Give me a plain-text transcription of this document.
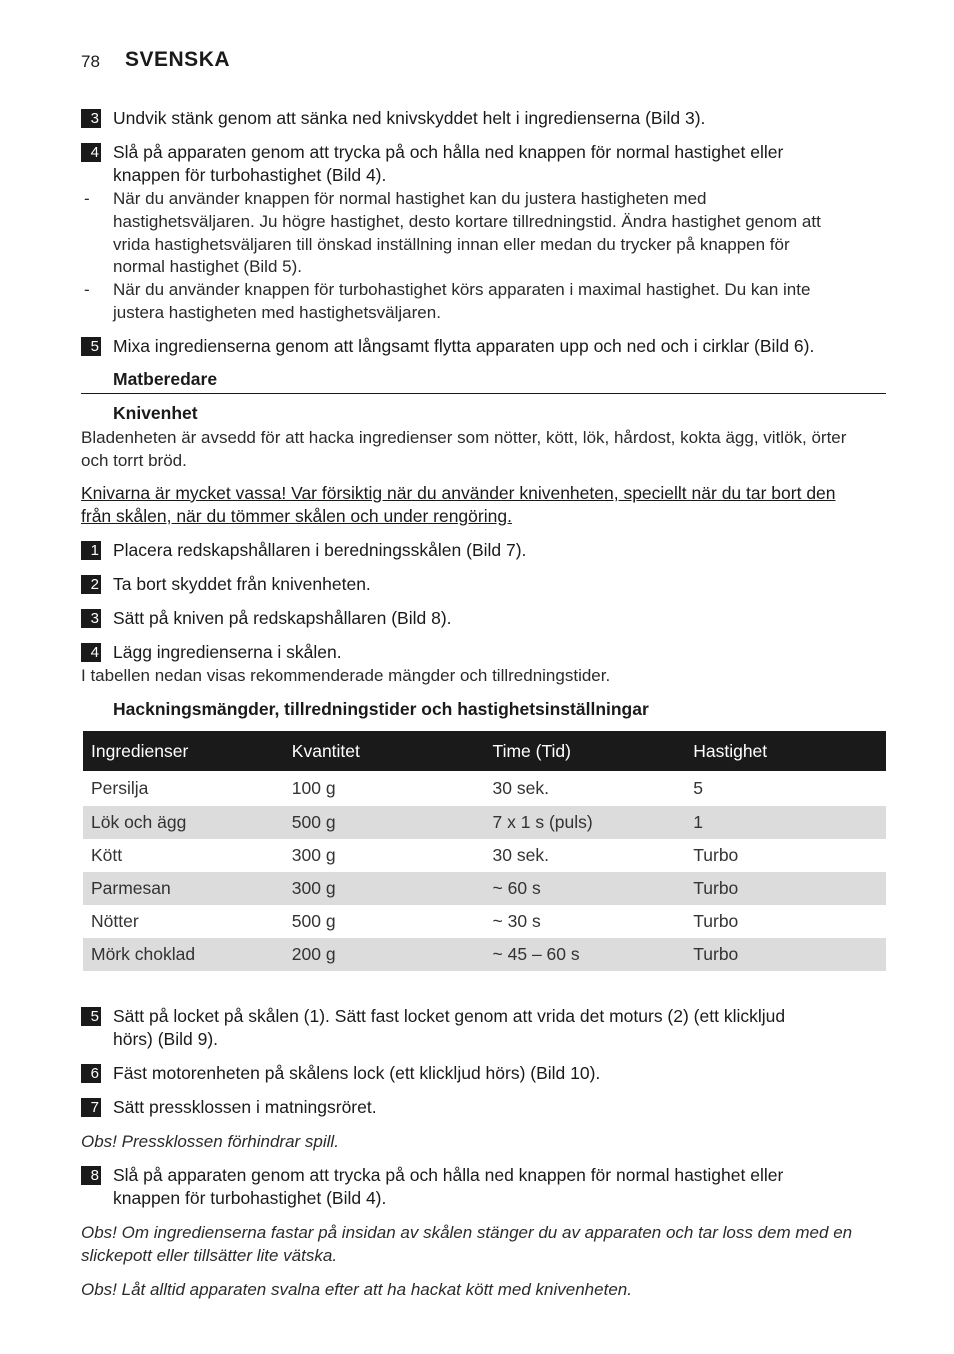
78 SVENSKA
3 Undvik stänk genom att sänka ned knivskyddet helt i ingredienserna (Bild 3).
4 Slå på apparaten genom att trycka på och hålla ned knappen för normal hastighet eller
knappen för turbohastighet (Bild 4).
- När du använder knappen för normal hastighet kan du justera hastigheten med
hastighetsväljaren. Ju högre hastighet, desto kortare tillredningstid. Ändra hastighet genom att
vrida hastighetsväljaren till önskad inställning innan eller medan du trycker på knappen för
normal hastighet (Bild 5).
- När du använder knappen för turbohastighet körs apparaten i maximal hastighet. Du kan inte
justera hastigheten med hastighetsväljaren.
5 Mixa ingredienserna genom att långsamt flytta apparaten upp och ned och i cirklar (Bild 6).
Matberedare
Knivenhet
Bladenheten är avsedd för att hacka ingredienser som nötter, kött, lök, hårdost, kokta ägg, vitlök, örter
och torrt bröd.
Knivarna är mycket vassa! Var försiktig när du använder knivenheten, speciellt när du tar bort den
från skålen, när du tömmer skålen och under rengöring.
1 Placera redskapshållaren i beredningsskålen (Bild 7).
2 Ta bort skyddet från knivenheten.
3 Sätt på kniven på redskapshållaren (Bild 8).
4 Lägg ingredienserna i skålen.
I tabellen nedan visas rekommenderade mängder och tillredningstider.
Hackningsmängder, tillredningstider och hastighetsinställningar
Ingredienser	Kvantitet	Time (Tid)	Hastighet
Persilja	100 g	30 sek.	5
Lök och ägg	500 g	7 x 1 s (puls)	1
Kött	300 g	30 sek.	Turbo
Parmesan	300 g	~ 60 s	Turbo
Nötter	500 g	~ 30 s	Turbo
Mörk choklad	200 g	~ 45 – 60 s	Turbo
5 Sätt på locket på skålen (1). Sätt fast locket genom att vrida det moturs (2) (ett klickljud
hörs) (Bild 9).
6 Fäst motorenheten på skålens lock (ett klickljud hörs) (Bild 10).
7 Sätt pressklossen i matningsröret.
Obs! Pressklossen förhindrar spill.
8 Slå på apparaten genom att trycka på och hålla ned knappen för normal hastighet eller
knappen för turbohastighet (Bild 4).
Obs! Om ingredienserna fastar på insidan av skålen stänger du av apparaten och tar loss dem med en
slickepott eller tillsätter lite vätska.
Obs! Låt alltid apparaten svalna efter att ha hackat kött med knivenheten.
